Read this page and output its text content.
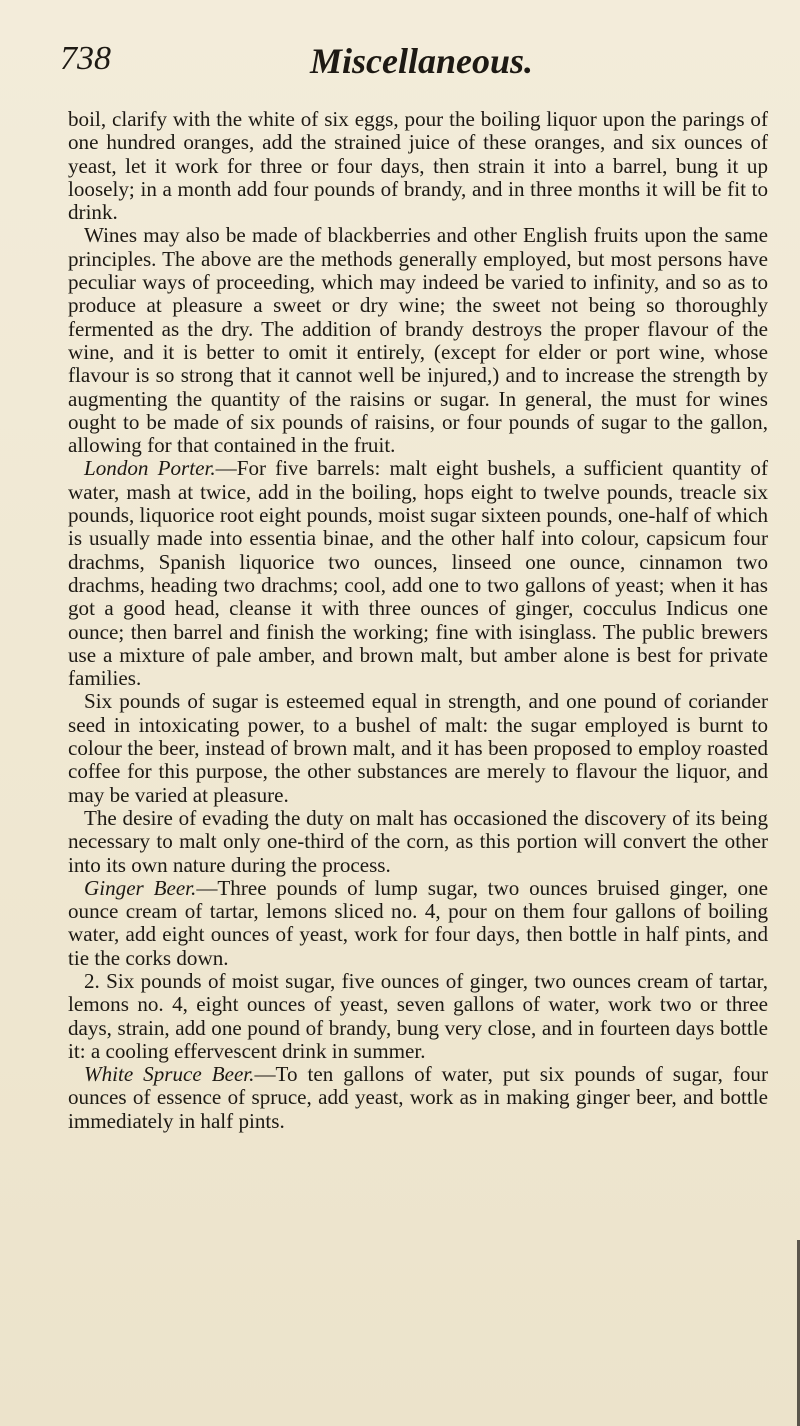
738	Miscellaneous.

boil, clarify with the white of six eggs, pour the boiling liquor upon the parings of one hundred oranges, add the strained juice of these oranges, and six ounces of yeast, let it work for three or four days, then strain it into a barrel, bung it up loosely; in a month add four pounds of brandy, and in three months it will be fit to drink.

Wines may also be made of blackberries and other English fruits upon the same principles. The above are the methods generally employed, but most persons have peculiar ways of proceeding, which may indeed be varied to infinity, and so as to produce at pleasure a sweet or dry wine; the sweet not being so thoroughly fermented as the dry. The addition of brandy destroys the proper flavour of the wine, and it is better to omit it entirely, (except for elder or port wine, whose flavour is so strong that it cannot well be injured,) and to increase the strength by augmenting the quantity of the raisins or sugar. In general, the must for wines ought to be made of six pounds of raisins, or four pounds of sugar to the gallon, allowing for that contained in the fruit.

London Porter.—For five barrels: malt eight bushels, a sufficient quantity of water, mash at twice, add in the boiling, hops eight to twelve pounds, treacle six pounds, liquorice root eight pounds, moist sugar sixteen pounds, one-half of which is usually made into essentia binae, and the other half into colour, capsicum four drachms, Spanish liquorice two ounces, linseed one ounce, cinnamon two drachms, heading two drachms; cool, add one to two gallons of yeast; when it has got a good head, cleanse it with three ounces of ginger, cocculus Indicus one ounce; then barrel and finish the working; fine with isinglass. The public brewers use a mixture of pale amber, and brown malt, but amber alone is best for private families.

Six pounds of sugar is esteemed equal in strength, and one pound of coriander seed in intoxicating power, to a bushel of malt: the sugar employed is burnt to colour the beer, instead of brown malt, and it has been proposed to employ roasted coffee for this purpose, the other substances are merely to flavour the liquor, and may be varied at pleasure.

The desire of evading the duty on malt has occasioned the discovery of its being necessary to malt only one-third of the corn, as this portion will convert the other into its own nature during the process.

Ginger Beer.—Three pounds of lump sugar, two ounces bruised ginger, one ounce cream of tartar, lemons sliced no. 4, pour on them four gallons of boiling water, add eight ounces of yeast, work for four days, then bottle in half pints, and tie the corks down.

2. Six pounds of moist sugar, five ounces of ginger, two ounces cream of tartar, lemons no. 4, eight ounces of yeast, seven gallons of water, work two or three days, strain, add one pound of brandy, bung very close, and in fourteen days bottle it: a cooling effervescent drink in summer.

White Spruce Beer.—To ten gallons of water, put six pounds of sugar, four ounces of essence of spruce, add yeast, work as in making ginger beer, and bottle immediately in half pints.
